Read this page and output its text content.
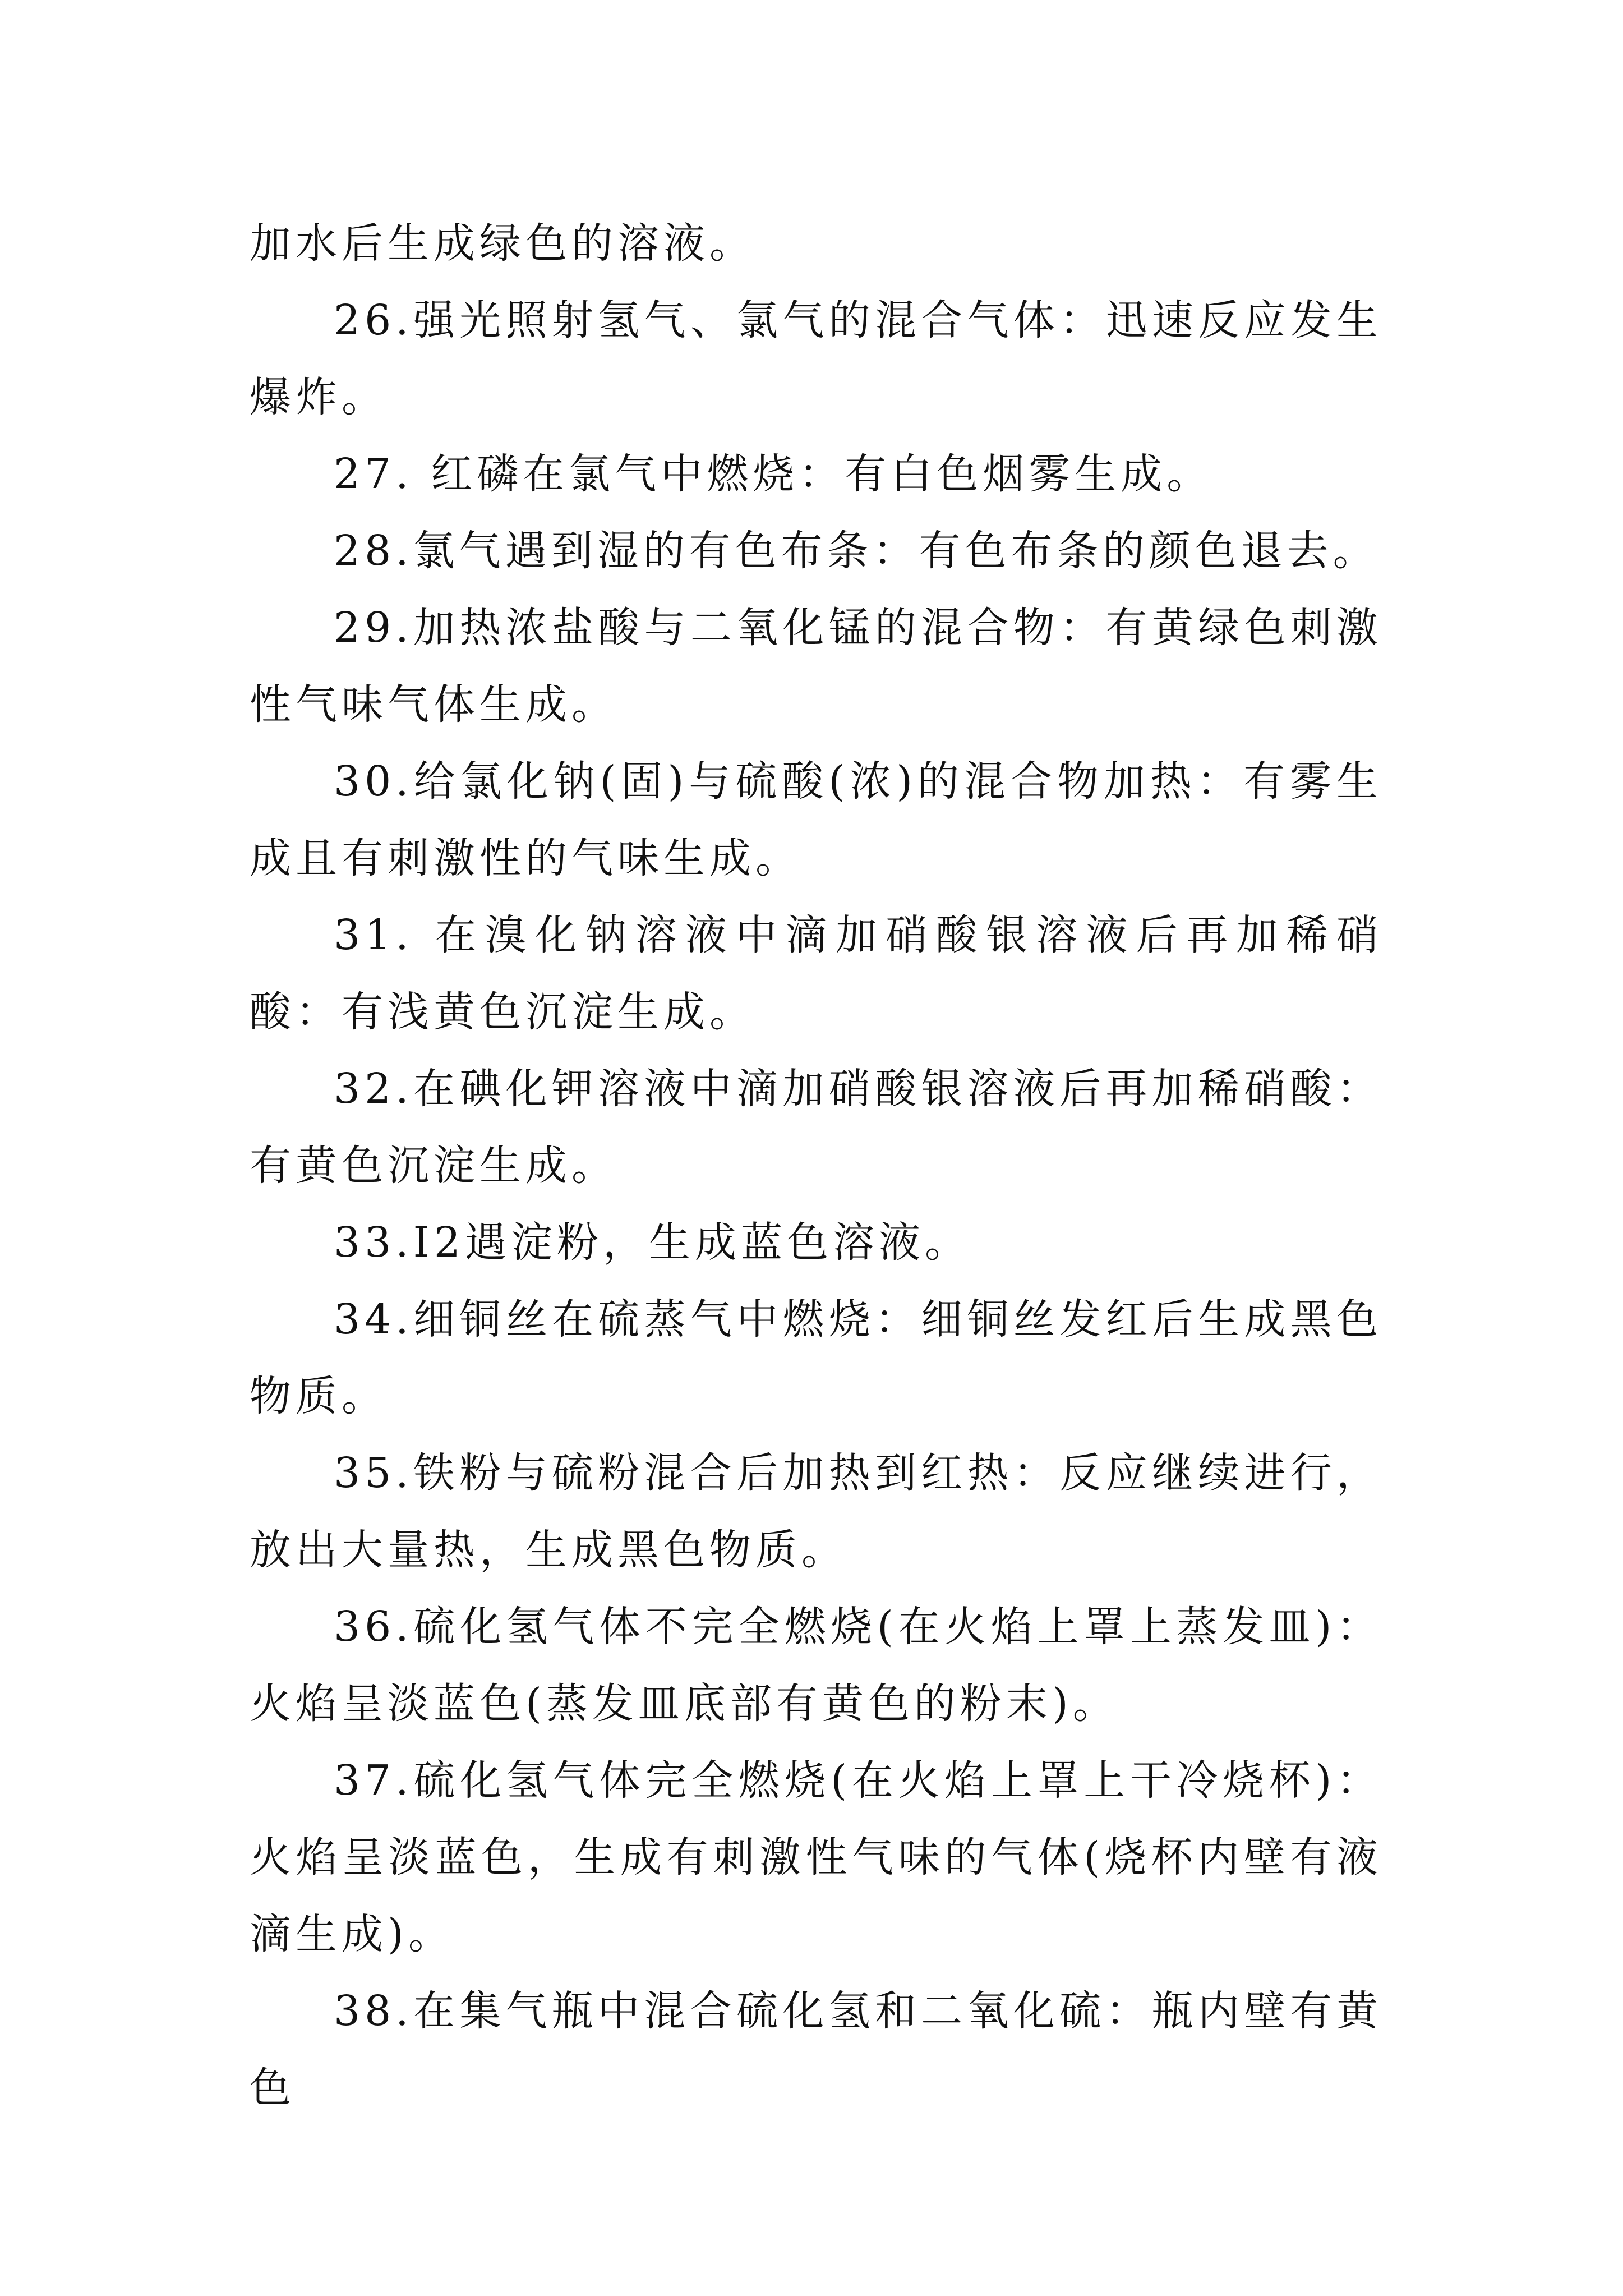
加水后生成绿色的溶液。

26.强光照射氢气、氯气的混合气体：迅速反应发生爆炸。

27. 红磷在氯气中燃烧：有白色烟雾生成。

28.氯气遇到湿的有色布条：有色布条的颜色退去。

29.加热浓盐酸与二氧化锰的混合物：有黄绿色刺激性气味气体生成。

30.给氯化钠(固)与硫酸(浓)的混合物加热：有雾生成且有刺激性的气味生成。

31. 在溴化钠溶液中滴加硝酸银溶液后再加稀硝酸：有浅黄色沉淀生成。

32.在碘化钾溶液中滴加硝酸银溶液后再加稀硝酸：有黄色沉淀生成。

33.I2遇淀粉，生成蓝色溶液。

34.细铜丝在硫蒸气中燃烧：细铜丝发红后生成黑色物质。

35.铁粉与硫粉混合后加热到红热：反应继续进行，放出大量热，生成黑色物质。

36.硫化氢气体不完全燃烧(在火焰上罩上蒸发皿)：火焰呈淡蓝色(蒸发皿底部有黄色的粉末)。

37.硫化氢气体完全燃烧(在火焰上罩上干冷烧杯)：火焰呈淡蓝色，生成有刺激性气味的气体(烧杯内壁有液滴生成)。

38.在集气瓶中混合硫化氢和二氧化硫：瓶内壁有黄色
